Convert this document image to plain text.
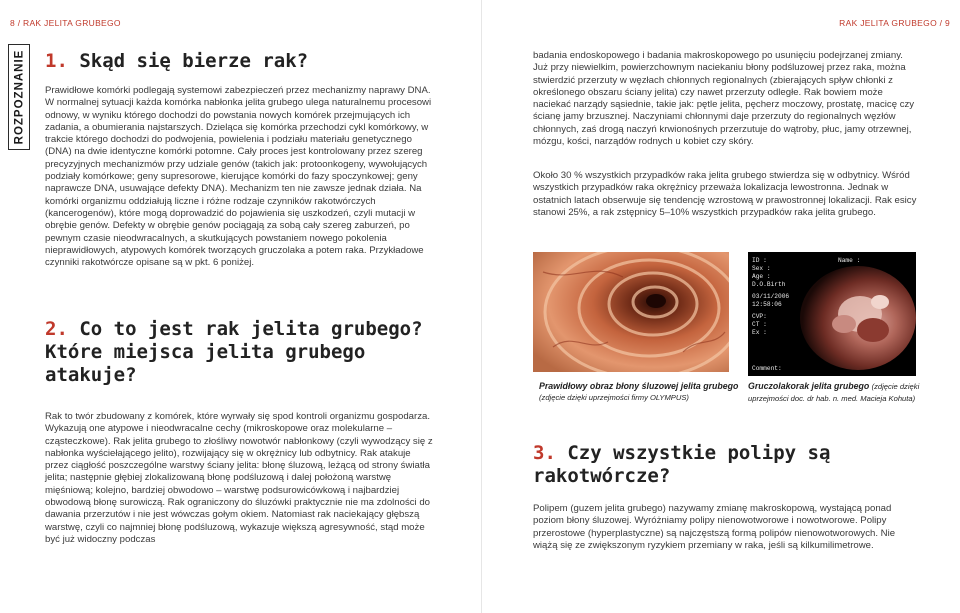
8 / RAK JELITA GRUBEGO	RAK JELITA GRUBEGO / 9
ROZPOZNANIE 1. Skąd się bierze rak?

Prawidłowe komórki podlegają systemowi zabezpieczeń przez mechanizmy naprawy DNA. W normalnej sytuacji każda komórka nabłonka jelita grubego ulega naturalnemu procesowi odnowy, w wyniku którego dochodzi do powstania nowych komórek przejmujących ich zadania, a obumierania najstarszych. Dzieląca się komórka przechodzi cykl komórkowy, w trakcie którego dochodzi do podwojenia, powielenia i podziału materiału genetycznego (DNA) na dwie identyczne komórki potomne. Cały proces jest kontrolowany przez szereg precyzyjnych mechanizmów przy udziale genów (takich jak: protoonkogeny, wywołujących podziały komórkowe; geny supresorowe, kierujące komórki do fazy spoczynkowej; geny naprawcze DNA, usuwające defekty DNA). Mechanizm ten nie zawsze jednak działa. Na komórki organizmu oddziałują liczne i różne rodzaje czynników rakotwórczych (kancerogenów), które mogą doprowadzić do pojawienia się uszkodzeń, czyli mutacji w obrębie genów. Defekty w obrębie genów pociągają za sobą cały szereg zaburzeń, po pewnym czasie nieodwracalnych, a skutkujących powstaniem nowego pokolenia nieprawidłowych, atypowych komórek tworzących gruczolaka a potem raka. Przykładowe czynniki rakotwórcze opisane są w pkt. 6 poniżej.

2. Co to jest rak jelita grubego? Które miejsca jelita grubego atakuje?

Rak to twór zbudowany z komórek, które wyrwały się spod kontroli organizmu gospodarza. Wykazują one atypowe i nieodwracalne cechy (mikroskopowe oraz molekularne – cząsteczkowe). Rak jelita grubego to złośliwy nowotwór nabłonkowy (czyli wywodzący się z nabłonka wyściełającego jelito), rozwijający się w okrężnicy lub odbytnicy. Rak atakuje przez ciągłość poszczególne warstwy ściany jelita: błonę śluzową, leżącą od strony światła jelita; następnie głębiej zlokalizowaną błonę podśluzową i dalej położoną warstwę mięśniową; kolejno, bardziej obwodowo – warstwę podsurowicówkową i najbardziej obwodową błonę surowiczą. Rak ograniczony do śluzówki praktycznie nie ma zdolności do dawania przerzutów i nie jest wówczas gołym okiem. Natomiast rak naciekający głębszą warstwę, czyli co najmniej błonę podśluzową, wykazuje większą agresywność, stąd może być już widoczny podczas

badania endoskopowego i badania makroskopowego po usunięciu podejrzanej zmiany. Już przy niewielkim, powierzchownym naciekaniu błony podśluzowej przez raka, można stwierdzić przerzuty w węzłach chłonnych regionalnych (zbierających spływ chłonki z określonego obszaru ściany jelita) czy nawet przerzuty odległe. Rak bowiem może naciekać narządy sąsiednie, takie jak: pętle jelita, pęcherz moczowy, prostatę, macicę czy ścianę jamy brzusznej. Naczyniami chłonnymi daje przerzuty do regionalnych węzłów chłonnych, zaś drogą naczyń krwionośnych przerzutuje do wątroby, płuc, jamy otrzewnej, mózgu, kości, narządów rodnych u kobiet czy skóry.

Około 30 % wszystkich przypadków raka jelita grubego stwierdza się w odbytnicy. Wśród wszystkich przypadków raka okrężnicy przeważa lokalizacja lewostronna. Jednak w ostatnich latach obserwuje się tendencję wzrostową w prawostronnej lokalizacji. Rak esicy stanowi 25%, a rak zstępnicy 5–10% wszystkich przypadków raka jelita grubego.

Prawidłowy obraz błony śluzowej jelita grubego
(zdjęcie dzięki uprzejmości firmy OLYMPUS)

ID :
Sex :
Age :
D.O.Birth
03/11/2006
12:58:06
CVP:
CT :
Ex :
Name :
Comment:

Gruczolakorak jelita grubego (zdjęcie dzięki
uprzejmości doc. dr hab. n. med. Macieja Kohuta)

3. Czy wszystkie polipy są rakotwórcze?

Polipem (guzem jelita grubego) nazywamy zmianę makroskopową, wystającą ponad poziom błony śluzowej. Wyróżniamy polipy nienowotworowe i nowotworowe. Polipy przerostowe (hyperplastyczne) są najczęstszą formą polipów nienowotworowych. Nie wiążą się ze zwiększonym ryzykiem przemiany w raka, jeśli są kilkumilimetrowe.
